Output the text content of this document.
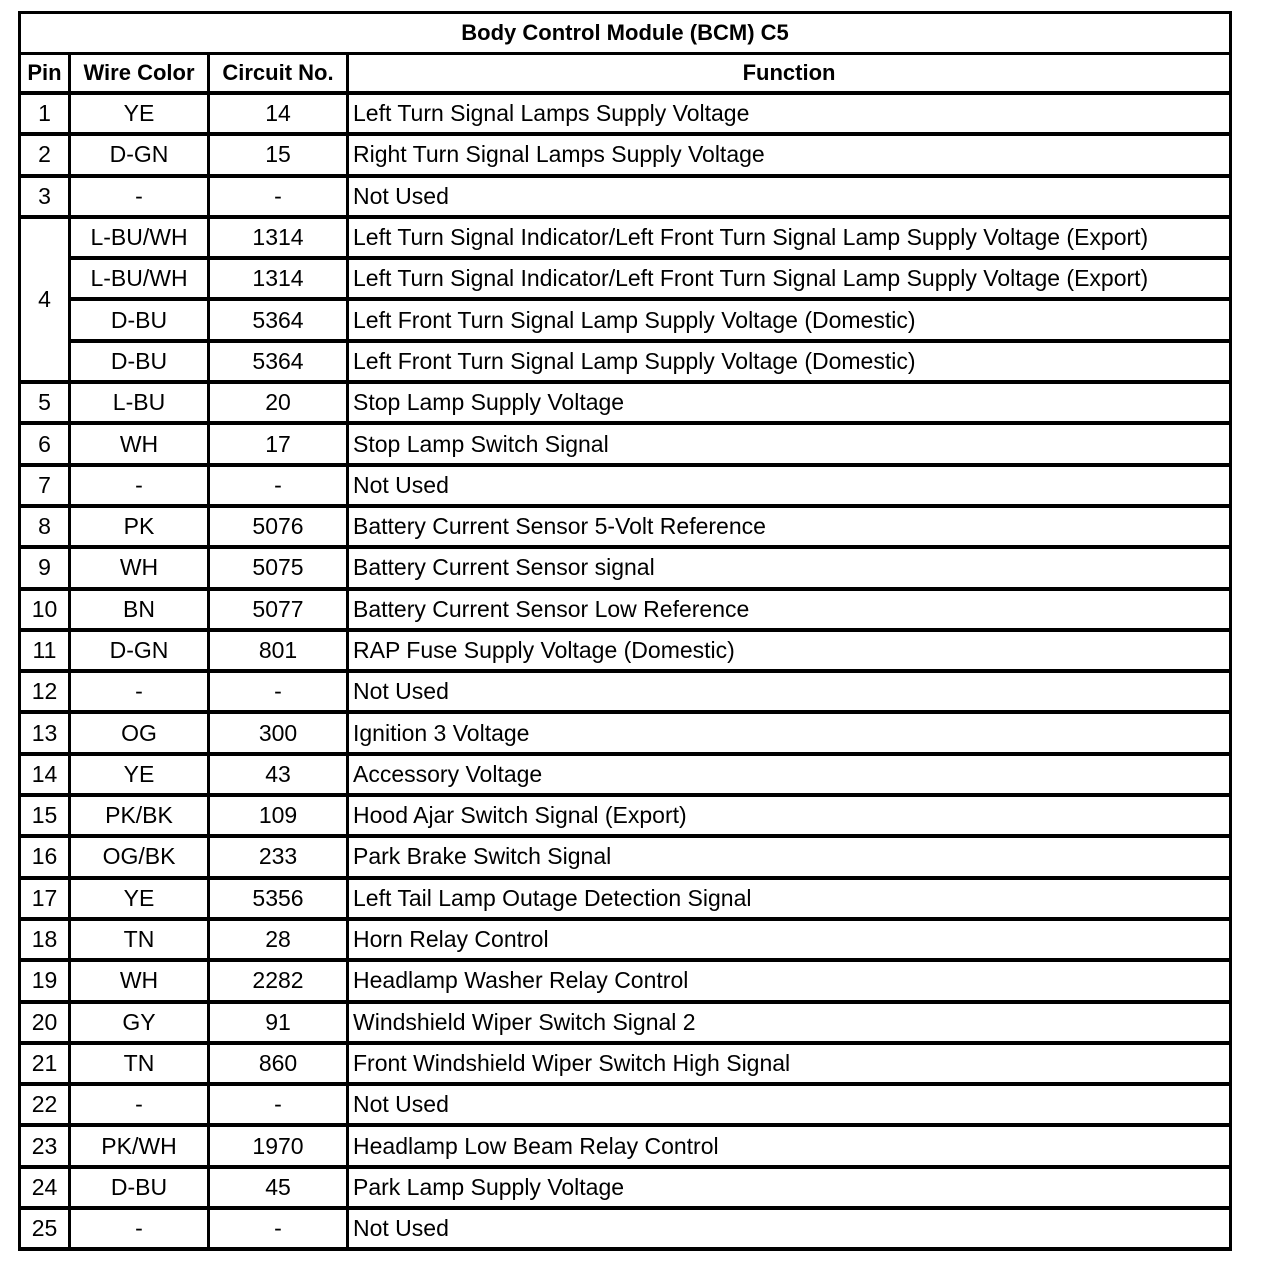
Body Control Module (BCM) C5			
Pin	Wire Color	Circuit No.	Function
1	YE	14	Left Turn Signal Lamps Supply Voltage
2	D-GN	15	Right Turn Signal Lamps Supply Voltage
3	-	-	Not Used
4	L-BU/WH	1314	Left Turn Signal Indicator/Left Front Turn Signal Lamp Supply Voltage (Export)
	L-BU/WH	1314	Left Turn Signal Indicator/Left Front Turn Signal Lamp Supply Voltage (Export)
	D-BU	5364	Left Front Turn Signal Lamp Supply Voltage (Domestic)
	D-BU	5364	Left Front Turn Signal Lamp Supply Voltage (Domestic)
5	L-BU	20	Stop Lamp Supply Voltage
6	WH	17	Stop Lamp Switch Signal
7	-	-	Not Used
8	PK	5076	Battery Current Sensor 5-Volt Reference
9	WH	5075	Battery Current Sensor signal
10	BN	5077	Battery Current Sensor Low Reference
11	D-GN	801	RAP Fuse Supply Voltage (Domestic)
12	-	-	Not Used
13	OG	300	Ignition 3 Voltage
14	YE	43	Accessory Voltage
15	PK/BK	109	Hood Ajar Switch Signal (Export)
16	OG/BK	233	Park Brake Switch Signal
17	YE	5356	Left Tail Lamp Outage Detection Signal
18	TN	28	Horn Relay Control
19	WH	2282	Headlamp Washer Relay Control
20	GY	91	Windshield Wiper Switch Signal 2
21	TN	860	Front Windshield Wiper Switch High Signal
22	-	-	Not Used
23	PK/WH	1970	Headlamp Low Beam Relay Control
24	D-BU	45	Park Lamp Supply Voltage
25	-	-	Not Used
